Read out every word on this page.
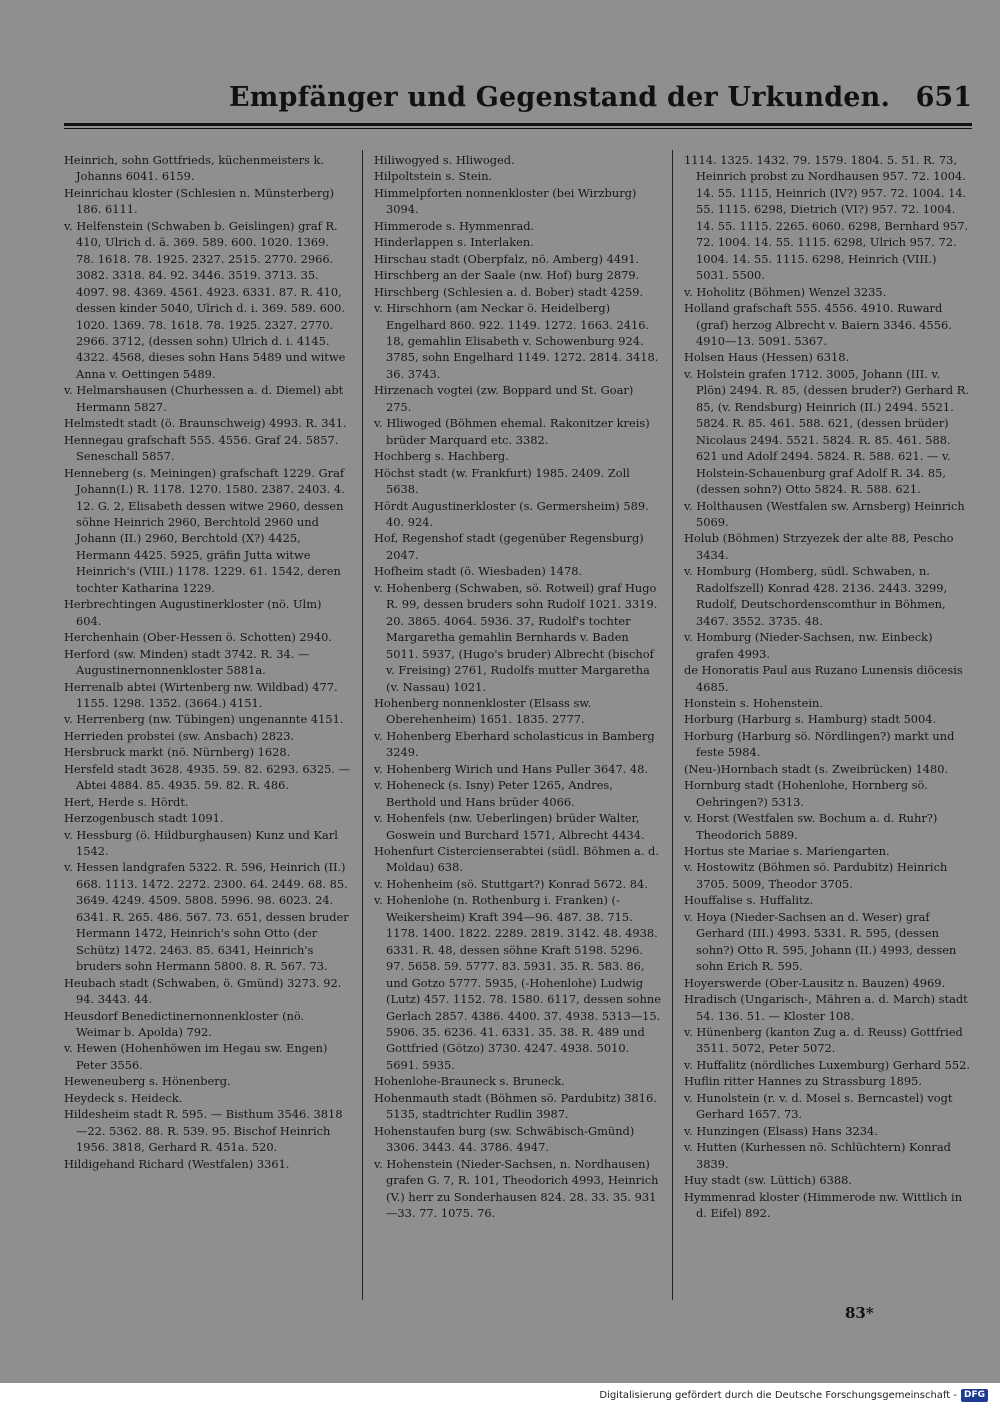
Empfänger und Gegenstand der Urkunden. 651

Heinrich, sohn Gottfrieds, küchenmeisters k. Johanns 6041. 6159.

Heinrichau kloster (Schlesien n. Münsterberg) 186. 6111.

v. Helfenstein (Schwaben b. Geislingen) graf R. 410, Ulrich d. ä. 369. 589. 600. 1020. 1369. 78. 1618. 78. 1925. 2327. 2515. 2770. 2966. 3082. 3318. 84. 92. 3446. 3519. 3713. 35. 4097. 98. 4369. 4561. 4923. 6331. 87. R. 410, dessen kinder 5040, Ulrich d. i. 369. 589. 600. 1020. 1369. 78. 1618. 78. 1925. 2327. 2770. 2966. 3712, (dessen sohn) Ulrich d. i. 4145. 4322. 4568, dieses sohn Hans 5489 und witwe Anna v. Oettingen 5489.

v. Helmarshausen (Churhessen a. d. Diemel) abt Hermann 5827.

Helmstedt stadt (ö. Braunschweig) 4993. R. 341.

Hennegau grafschaft 555. 4556. Graf 24. 5857. Seneschall 5857.

Henneberg (s. Meiningen) grafschaft 1229. Graf Johann(I.) R. 1178. 1270. 1580. 2387. 2403. 4. 12. G. 2, Elisabeth dessen witwe 2960, dessen söhne Heinrich 2960, Berchtold 2960 und Johann (II.) 2960, Berchtold (X?) 4425, Hermann 4425. 5925, gräfin Jutta witwe Heinrich's (VIII.) 1178. 1229. 61. 1542, deren tochter Katharina 1229.

Herbrechtingen Augustinerkloster (nö. Ulm) 604.

Herchenhain (Ober-Hessen ö. Schotten) 2940.

Herford (sw. Minden) stadt 3742. R. 34. — Augustinernonnenkloster 5881a.

Herrenalb abtei (Wirtenberg nw. Wildbad) 477. 1155. 1298. 1352. (3664.) 4151.

v. Herrenberg (nw. Tübingen) ungenannte 4151.

Herrieden probstei (sw. Ansbach) 2823.

Hersbruck markt (nö. Nürnberg) 1628.

Hersfeld stadt 3628. 4935. 59. 82. 6293. 6325. — Abtei 4884. 85. 4935. 59. 82. R. 486.

Hert, Herde s. Hördt.

Herzogenbusch stadt 1091.

v. Hessburg (ö. Hildburghausen) Kunz und Karl 1542.

v. Hessen landgrafen 5322. R. 596, Heinrich (II.) 668. 1113. 1472. 2272. 2300. 64. 2449. 68. 85. 3649. 4249. 4509. 5808. 5996. 98. 6023. 24. 6341. R. 265. 486. 567. 73. 651, dessen bruder Hermann 1472, Heinrich's sohn Otto (der Schütz) 1472. 2463. 85. 6341, Heinrich's bruders sohn Hermann 5800. 8. R. 567. 73.

Heubach stadt (Schwaben, ö. Gmünd) 3273. 92. 94. 3443. 44.

Heusdorf Benedictinernonnenkloster (nö. Weimar b. Apolda) 792.

v. Hewen (Hohenhöwen im Hegau sw. Engen) Peter 3556.

Heweneuberg s. Hönenberg.

Heydeck s. Heideck.

Hildesheim stadt R. 595. — Bisthum 3546. 3818—22. 5362. 88. R. 539. 95. Bischof Heinrich 1956. 3818, Gerhard R. 451a. 520.

Hildigehand Richard (Westfalen) 3361.

Hiliwogyed s. Hliwoged.

Hilpoltstein s. Stein.

Himmelpforten nonnenkloster (bei Wirzburg) 3094.

Himmerode s. Hymmenrad.

Hinderlappen s. Interlaken.

Hirschau stadt (Oberpfalz, nö. Amberg) 4491.

Hirschberg an der Saale (nw. Hof) burg 2879.

Hirschberg (Schlesien a. d. Bober) stadt 4259.

v. Hirschhorn (am Neckar ö. Heidelberg) Engelhard 860. 922. 1149. 1272. 1663. 2416. 18, gemahlin Elisabeth v. Schowenburg 924. 3785, sohn Engelhard 1149. 1272. 2814. 3418. 36. 3743.

Hirzenach vogtei (zw. Boppard und St. Goar) 275.

v. Hliwoged (Böhmen ehemal. Rakonitzer kreis) brüder Marquard etc. 3382.

Hochberg s. Hachberg.

Höchst stadt (w. Frankfurt) 1985. 2409. Zoll 5638.

Hördt Augustinerkloster (s. Germersheim) 589. 40. 924.

Hof, Regenshof stadt (gegenüber Regensburg) 2047.

Hofheim stadt (ö. Wiesbaden) 1478.

v. Hohenberg (Schwaben, sö. Rotweil) graf Hugo R. 99, dessen bruders sohn Rudolf 1021. 3319. 20. 3865. 4064. 5936. 37, Rudolf's tochter Margaretha gemahlin Bernhards v. Baden 5011. 5937, (Hugo's bruder) Albrecht (bischof v. Freising) 2761, Rudolfs mutter Margaretha (v. Nassau) 1021.

Hohenberg nonnenkloster (Elsass sw. Oberehenheim) 1651. 1835. 2777.

v. Hohenberg Eberhard scholasticus in Bamberg 3249.

v. Hohenberg Wirich und Hans Puller 3647. 48.

v. Hoheneck (s. Isny) Peter 1265, Andres, Berthold und Hans brüder 4066.

v. Hohenfels (nw. Ueberlingen) brüder Walter, Goswein und Burchard 1571, Albrecht 4434.

Hohenfurt Cistercienserabtei (südl. Böhmen a. d. Moldau) 638.

v. Hohenheim (sö. Stuttgart?) Konrad 5672. 84.

v. Hohenlohe (n. Rothenburg i. Franken) (-Weikersheim) Kraft 394—96. 487. 38. 715. 1178. 1400. 1822. 2289. 2819. 3142. 48. 4938. 6331. R. 48, dessen söhne Kraft 5198. 5296. 97. 5658. 59. 5777. 83. 5931. 35. R. 583. 86, und Gotzo 5777. 5935, (-Hohenlohe) Ludwig (Lutz) 457. 1152. 78. 1580. 6117, dessen sohne Gerlach 2857. 4386. 4400. 37. 4938. 5313—15. 5906. 35. 6236. 41. 6331. 35. 38. R. 489 und Gottfried (Götzo) 3730. 4247. 4938. 5010. 5691. 5935.

Hohenlohe-Brauneck s. Bruneck.

Hohenmauth stadt (Böhmen sö. Pardubitz) 3816. 5135, stadtrichter Rudlin 3987.

Hohenstaufen burg (sw. Schwäbisch-Gmünd) 3306. 3443. 44. 3786. 4947.

v. Hohenstein (Nieder-Sachsen, n. Nordhausen) grafen G. 7, R. 101, Theodorich 4993, Heinrich (V.) herr zu Sonderhausen 824. 28. 33. 35. 931—33. 77. 1075. 76.

1114. 1325. 1432. 79. 1579. 1804. 5. 51. R. 73, Heinrich probst zu Nordhausen 957. 72. 1004. 14. 55. 1115, Heinrich (IV?) 957. 72. 1004. 14. 55. 1115. 6298, Dietrich (VI?) 957. 72. 1004. 14. 55. 1115. 2265. 6060. 6298, Bernhard 957. 72. 1004. 14. 55. 1115. 6298, Ulrich 957. 72. 1004. 14. 55. 1115. 6298, Heinrich (VIII.) 5031. 5500.

v. Hoholitz (Böhmen) Wenzel 3235.

Holland grafschaft 555. 4556. 4910. Ruward (graf) herzog Albrecht v. Baiern 3346. 4556. 4910—13. 5091. 5367.

Holsen Haus (Hessen) 6318.

v. Holstein grafen 1712. 3005, Johann (III. v. Plön) 2494. R. 85, (dessen bruder?) Gerhard R. 85, (v. Rendsburg) Heinrich (II.) 2494. 5521. 5824. R. 85. 461. 588. 621, (dessen brüder) Nicolaus 2494. 5521. 5824. R. 85. 461. 588. 621 und Adolf 2494. 5824. R. 588. 621. — v. Holstein-Schauenburg graf Adolf R. 34. 85, (dessen sohn?) Otto 5824. R. 588. 621.

v. Holthausen (Westfalen sw. Arnsberg) Heinrich 5069.

Holub (Böhmen) Strzyezek der alte 88, Pescho 3434.

v. Homburg (Homberg, südl. Schwaben, n. Radolfszell) Konrad 428. 2136. 2443. 3299, Rudolf, Deutschordenscomthur in Böhmen, 3467. 3552. 3735. 48.

v. Homburg (Nieder-Sachsen, nw. Einbeck) grafen 4993.

de Honoratis Paul aus Ruzano Lunensis diöcesis 4685.

Honstein s. Hohenstein.

Horburg (Harburg s. Hamburg) stadt 5004.

Horburg (Harburg sö. Nördlingen?) markt und feste 5984.

(Neu-)Hornbach stadt (s. Zweibrücken) 1480.

Hornburg stadt (Hohenlohe, Hornberg sö. Oehringen?) 5313.

v. Horst (Westfalen sw. Bochum a. d. Ruhr?) Theodorich 5889.

Hortus ste Mariae s. Mariengarten.

v. Hostowitz (Böhmen sö. Pardubitz) Heinrich 3705. 5009, Theodor 3705.

Houffalise s. Huffalitz.

v. Hoya (Nieder-Sachsen an d. Weser) graf Gerhard (III.) 4993. 5331. R. 595, (dessen sohn?) Otto R. 595, Johann (II.) 4993, dessen sohn Erich R. 595.

Hoyerswerde (Ober-Lausitz n. Bauzen) 4969.

Hradisch (Ungarisch-, Mähren a. d. March) stadt 54. 136. 51. — Kloster 108.

v. Hünenberg (kanton Zug a. d. Reuss) Gottfried 3511. 5072, Peter 5072.

v. Huffalitz (nördliches Luxemburg) Gerhard 552.

Huflin ritter Hannes zu Strassburg 1895.

v. Hunolstein (r. v. d. Mosel s. Berncastel) vogt Gerhard 1657. 73.

v. Hunzingen (Elsass) Hans 3234.

v. Hutten (Kurhessen nö. Schlüchtern) Konrad 3839.

Huy stadt (sw. Lüttich) 6388.

Hymmenrad kloster (Himmerode nw. Wittlich in d. Eifel) 892.

83*
Digitalisierung gefördert durch die Deutsche Forschungsgemeinschaft - DFG
